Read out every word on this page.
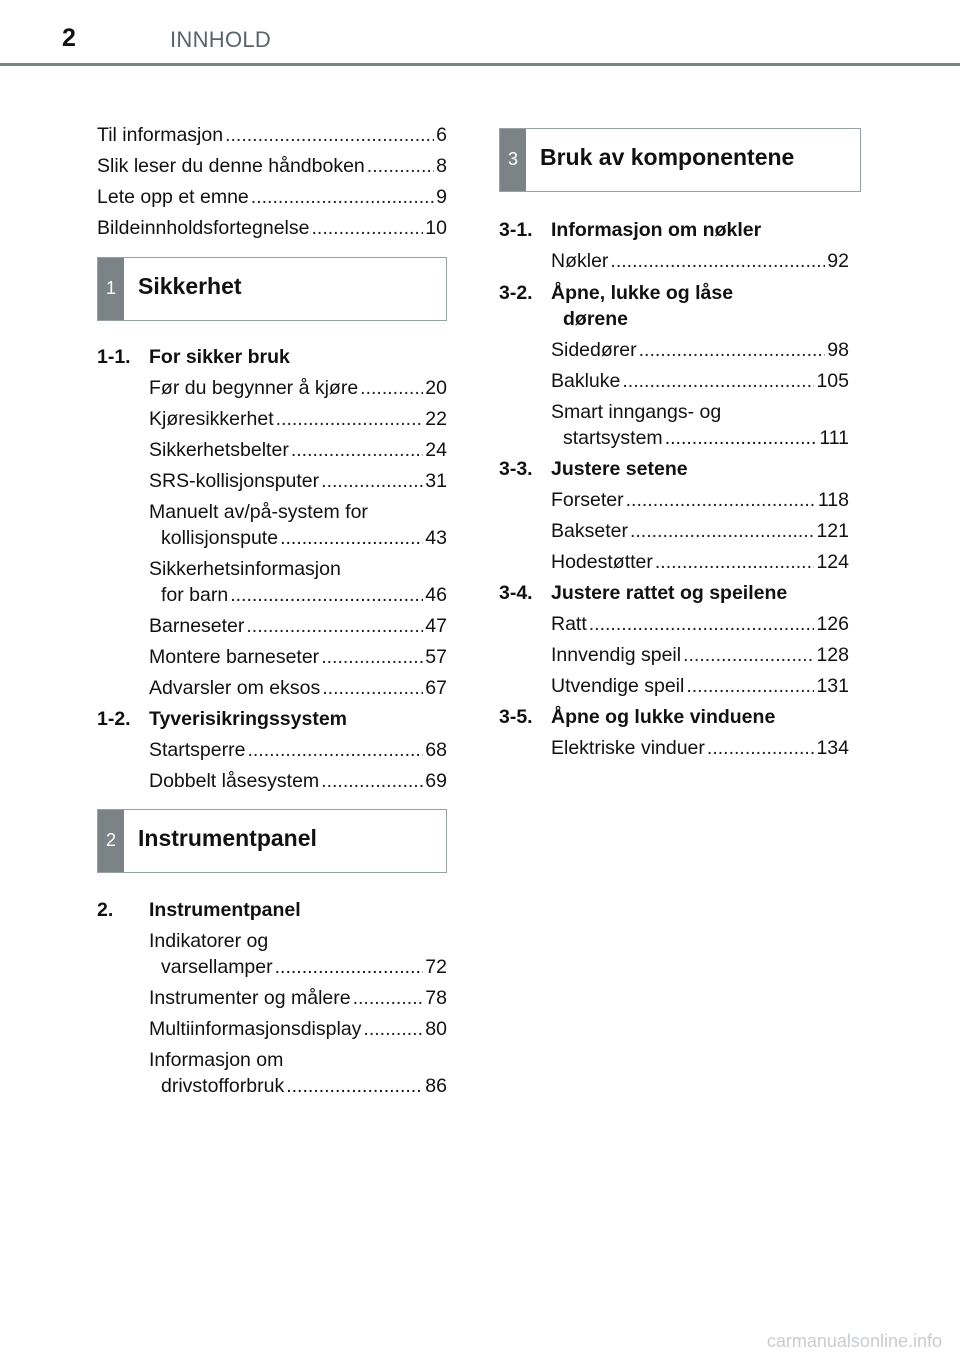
2	INNHOLD
Til informasjon .....	6
Slik leser du denne håndboken .....	8
Lete opp et emne .....	9
Bildeinnholdsfortegnelse .....	10
1 Sikkerhet
1-1. For sikker bruk
Før du begynner å kjøre .....	20
Kjøresikkerhet .....	22
Sikkerhetsbelter .....	24
SRS-kollisjonsputer .....	31
Manuelt av/på-system for
kollisjonspute .....	43
Sikkerhetsinformasjon
for barn .....	46
Barneseter .....	47
Montere barneseter .....	57
Advarsler om eksos .....	67
1-2. Tyverisikringssystem
Startsperre .....	68
Dobbelt låsesystem .....	69
2 Instrumentpanel
2.	Instrumentpanel
Indikatorer og
varsellamper .....	72
Instrumenter og målere .....	78
Multiinformasjonsdisplay .....	80
Informasjon om
drivstofforbruk .....	86
3 Bruk av komponentene
3-1. Informasjon om nøkler
Nøkler .....	92
3-2. Åpne, lukke og låse
dørene
Sidedører .....	98
Bakluke .....	105
Smart inngangs- og
startsystem .....	111
3-3. Justere setene
Forseter .....	118
Bakseter .....	121
Hodestøtter .....	124
3-4. Justere rattet og speilene
Ratt .....	126
Innvendig speil .....	128
Utvendige speil .....	131
3-5. Åpne og lukke vinduene
Elektriske vinduer .....	134
carmanualsonline.info
